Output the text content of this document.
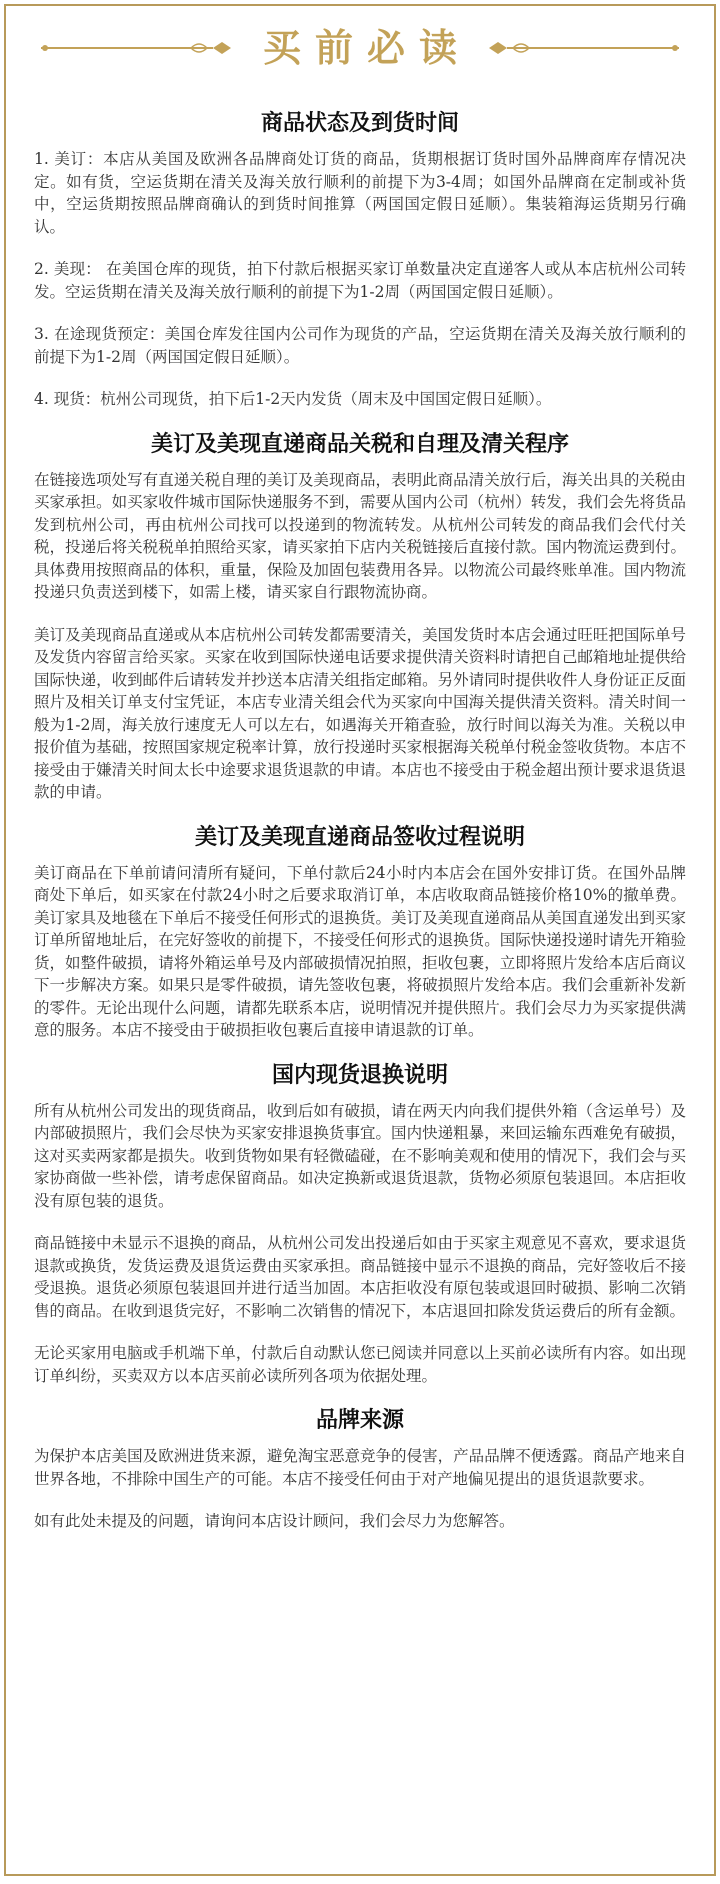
买前必读
商品状态及到货时间

1. 美订：本店从美国及欧洲各品牌商处订货的商品，货期根据订货时国外品牌商库存情况决定。如有货，空运货期在清关及海关放行顺利的前提下为3-4周；如国外品牌商在定制或补货中，空运货期按照品牌商确认的到货时间推算（两国国定假日延顺）。集装箱海运货期另行确认。

2. 美现： 在美国仓库的现货，拍下付款后根据买家订单数量决定直递客人或从本店杭州公司转发。空运货期在清关及海关放行顺利的前提下为1-2周（两国国定假日延顺）。

3. 在途现货预定：美国仓库发往国内公司作为现货的产品，空运货期在清关及海关放行顺利的前提下为1-2周（两国国定假日延顺）。

4. 现货：杭州公司现货，拍下后1-2天内发货（周末及中国国定假日延顺）。

美订及美现直递商品关税和自理及清关程序

在链接选项处写有直递关税自理的美订及美现商品，表明此商品清关放行后，海关出具的关税由买家承担。如买家收件城市国际快递服务不到，需要从国内公司（杭州）转发，我们会先将货品发到杭州公司，再由杭州公司找可以投递到的物流转发。从杭州公司转发的商品我们会代付关税，投递后将关税税单拍照给买家，请买家拍下店内关税链接后直接付款。国内物流运费到付。具体费用按照商品的体积，重量，保险及加固包装费用各异。以物流公司最终账单准。国内物流投递只负责送到楼下，如需上楼，请买家自行跟物流协商。

美订及美现商品直递或从本店杭州公司转发都需要清关，美国发货时本店会通过旺旺把国际单号及发货内容留言给买家。买家在收到国际快递电话要求提供清关资料时请把自己邮箱地址提供给国际快递，收到邮件后请转发并抄送本店清关组指定邮箱。另外请同时提供收件人身份证正反面照片及相关订单支付宝凭证，本店专业清关组会代为买家向中国海关提供清关资料。清关时间一般为1-2周，海关放行速度无人可以左右，如遇海关开箱查验，放行时间以海关为准。关税以申报价值为基础，按照国家规定税率计算，放行投递时买家根据海关税单付税金签收货物。本店不接受由于嫌清关时间太长中途要求退货退款的申请。本店也不接受由于税金超出预计要求退货退款的申请。

美订及美现直递商品签收过程说明

美订商品在下单前请问清所有疑问，下单付款后24小时内本店会在国外安排订货。在国外品牌商处下单后，如买家在付款24小时之后要求取消订单，本店收取商品链接价格10%的撤单费。美订家具及地毯在下单后不接受任何形式的退换货。美订及美现直递商品从美国直递发出到买家订单所留地址后，在完好签收的前提下，不接受任何形式的退换货。国际快递投递时请先开箱验货，如整件破损，请将外箱运单号及内部破损情况拍照，拒收包裹，立即将照片发给本店后商议下一步解决方案。如果只是零件破损，请先签收包裹，将破损照片发给本店。我们会重新补发新的零件。无论出现什么问题，请都先联系本店，说明情况并提供照片。我们会尽力为买家提供满意的服务。本店不接受由于破损拒收包裹后直接申请退款的订单。

国内现货退换说明

所有从杭州公司发出的现货商品，收到后如有破损，请在两天内向我们提供外箱（含运单号）及内部破损照片，我们会尽快为买家安排退换货事宜。国内快递粗暴，来回运输东西难免有破损，这对买卖两家都是损失。收到货物如果有轻微磕碰，在不影响美观和使用的情况下，我们会与买家协商做一些补偿，请考虑保留商品。如决定换新或退货退款，货物必须原包装退回。本店拒收没有原包装的退货。

商品链接中未显示不退换的商品，从杭州公司发出投递后如由于买家主观意见不喜欢，要求退货退款或换货，发货运费及退货运费由买家承担。商品链接中显示不退换的商品，完好签收后不接受退换。退货必须原包装退回并进行适当加固。本店拒收没有原包装或退回时破损、影响二次销售的商品。在收到退货完好，不影响二次销售的情况下，本店退回扣除发货运费后的所有金额。

无论买家用电脑或手机端下单，付款后自动默认您已阅读并同意以上买前必读所有内容。如出现订单纠纷，买卖双方以本店买前必读所列各项为依据处理。

品牌来源

为保护本店美国及欧洲进货来源，避免淘宝恶意竞争的侵害，产品品牌不便透露。商品产地来自世界各地，不排除中国生产的可能。本店不接受任何由于对产地偏见提出的退货退款要求。

如有此处未提及的问题，请询问本店设计顾问，我们会尽力为您解答。
